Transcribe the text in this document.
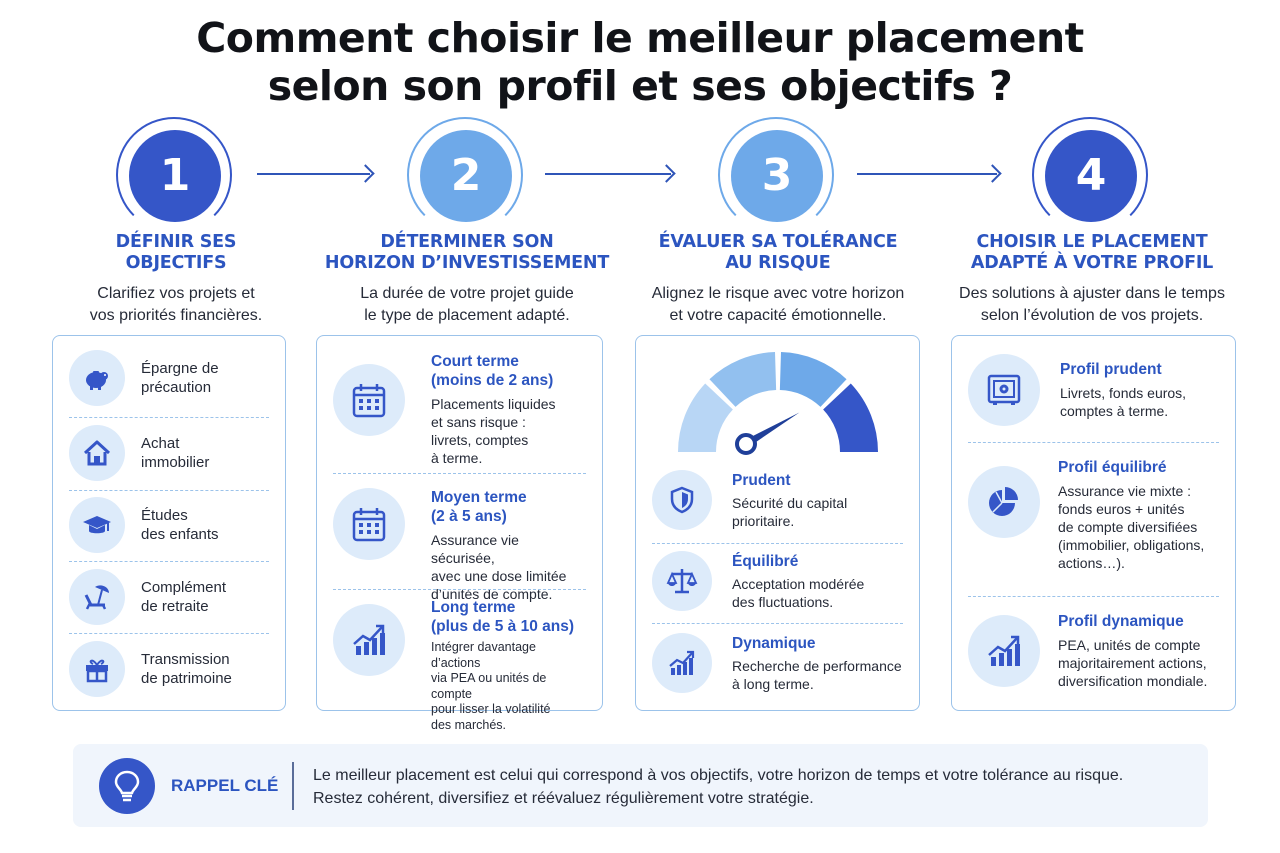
Comment choisir le meilleur placement
selon son profil et ses objectifs ?
1
DÉFINIR SES
OBJECTIFS
Clarifiez vos projets et
vos priorités financières.
2
DÉTERMINER SON
HORIZON D’INVESTISSEMENT
La durée de votre projet guide
le type de placement adapté.
3
ÉVALUER SA TOLÉRANCE
AU RISQUE
Alignez le risque avec votre horizon
et votre capacité émotionnelle.
4
CHOISIR LE PLACEMENT
ADAPTÉ À VOTRE PROFIL
Des solutions à ajuster dans le temps
selon l’évolution de vos projets.
Épargne de
précaution
Achat
immobilier
Études
des enfants
Complément
de retraite
Transmission
de patrimoine
Court terme
(moins de 2 ans)
Placements liquides
et sans risque :
livrets, comptes
à terme.
Moyen terme
(2 à 5 ans)
Assurance vie sécurisée,
avec une dose limitée
d’unités de compte.
Long terme
(plus de 5 à 10 ans)
Intégrer davantage d’actions
via PEA ou unités de compte
pour lisser la volatilité
des marchés.
Prudent
Sécurité du capital
prioritaire.
Équilibré
Acceptation modérée
des fluctuations.
Dynamique
Recherche de performance
à long terme.
Profil prudent
Livrets, fonds euros,
comptes à terme.
Profil équilibré
Assurance vie mixte :
fonds euros + unités
de compte diversifiées
(immobilier, obligations,
actions…).
Profil dynamique
PEA, unités de compte
majoritairement actions,
diversification mondiale.
RAPPEL CLÉ
Le meilleur placement est celui qui correspond à vos objectifs, votre horizon de temps et votre tolérance au risque.
Restez cohérent, diversifiez et réévaluez régulièrement votre stratégie.
